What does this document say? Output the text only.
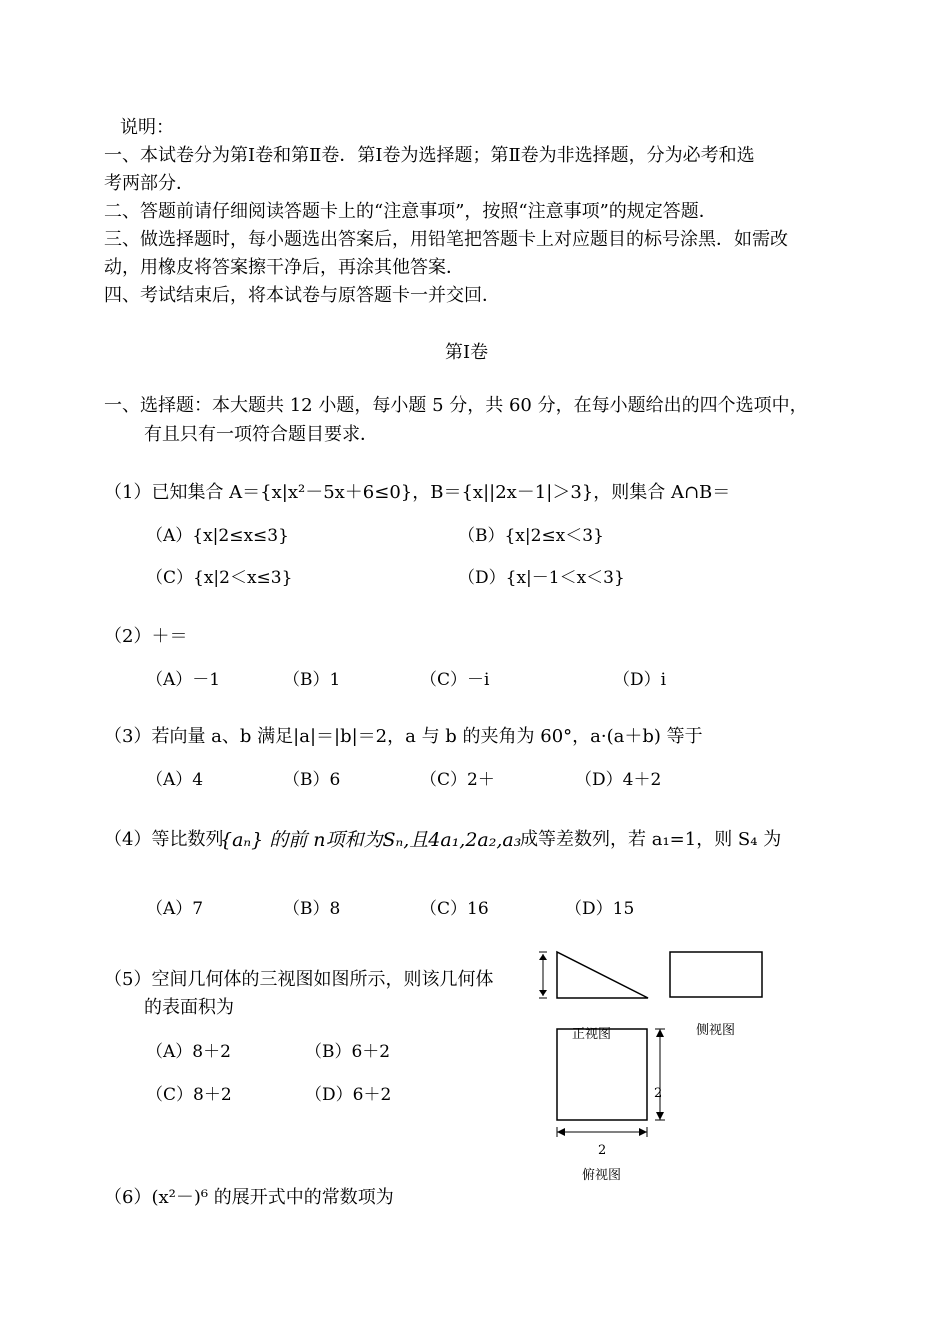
说明：
一、本试卷分为第Ⅰ卷和第Ⅱ卷．第Ⅰ卷为选择题；第Ⅱ卷为非选择题，分为必考和选
考两部分．
二、答题前请仔细阅读答题卡上的“注意事项”，按照“注意事项”的规定答题．
三、做选择题时，每小题选出答案后，用铅笔把答题卡上对应题目的标号涂黑．如需改
动，用橡皮将答案擦干净后，再涂其他答案．
四、考试结束后，将本试卷与原答题卡一并交回．
第Ⅰ卷
一、选择题：本大题共 12 小题，每小题 5 分，共 60 分，在每小题给出的四个选项中，
有且只有一项符合题目要求．
（1）已知集合 A＝{x|x²－5x＋6≤0}，B＝{x||2x－1|＞3}，则集合 A∩B＝
（A）{x|2≤x≤3}	（B）{x|2≤x＜3}
（C）{x|2＜x≤3}	（D）{x|－1＜x＜3}
（2）＋＝
（A）－1	（B）1	（C）－i	（D）i
（3）若向量 a、b 满足|a|＝|b|＝2，a 与 b 的夹角为 60°，a·(a＋b) 等于
（A）4	（B）6	（C）2＋	（D）4＋2
（4）等比数列
{aₙ} 的前 n项和为Sₙ,且4a₁,2a₂,a₃
成等差数列，若 a₁=1，则 S₄ 为
（A）7	（B）8	（C）16	（D）15
（5）空间几何体的三视图如图所示，则该几何体
的表面积为
（A）8＋2	（B）6＋2
（C）8＋2	（D）6＋2
正视图	侧视图
2
2
俯视图
（6）(x²－)⁶ 的展开式中的常数项为
